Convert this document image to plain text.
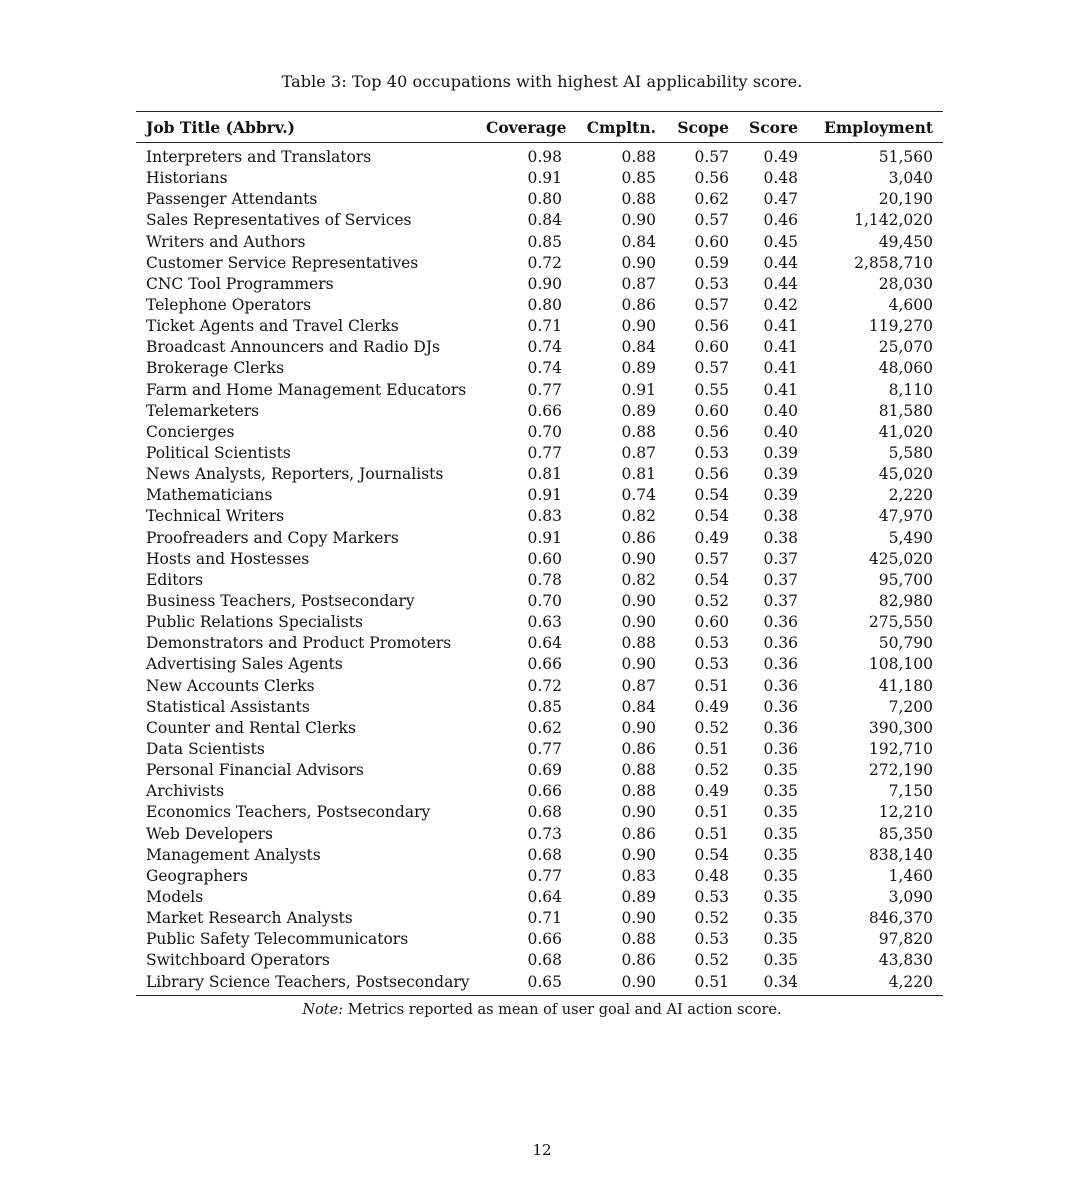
Table 3: Top 40 occupations with highest AI applicability score.
Job Title (Abbrv.)	Coverage	Cmpltn.	Scope	Score	Employment
Interpreters and Translators	0.98	0.88	0.57	0.49	51,560
Historians	0.91	0.85	0.56	0.48	3,040
Passenger Attendants	0.80	0.88	0.62	0.47	20,190
Sales Representatives of Services	0.84	0.90	0.57	0.46	1,142,020
Writers and Authors	0.85	0.84	0.60	0.45	49,450
Customer Service Representatives	0.72	0.90	0.59	0.44	2,858,710
CNC Tool Programmers	0.90	0.87	0.53	0.44	28,030
Telephone Operators	0.80	0.86	0.57	0.42	4,600
Ticket Agents and Travel Clerks	0.71	0.90	0.56	0.41	119,270
Broadcast Announcers and Radio DJs	0.74	0.84	0.60	0.41	25,070
Brokerage Clerks	0.74	0.89	0.57	0.41	48,060
Farm and Home Management Educators	0.77	0.91	0.55	0.41	8,110
Telemarketers	0.66	0.89	0.60	0.40	81,580
Concierges	0.70	0.88	0.56	0.40	41,020
Political Scientists	0.77	0.87	0.53	0.39	5,580
News Analysts, Reporters, Journalists	0.81	0.81	0.56	0.39	45,020
Mathematicians	0.91	0.74	0.54	0.39	2,220
Technical Writers	0.83	0.82	0.54	0.38	47,970
Proofreaders and Copy Markers	0.91	0.86	0.49	0.38	5,490
Hosts and Hostesses	0.60	0.90	0.57	0.37	425,020
Editors	0.78	0.82	0.54	0.37	95,700
Business Teachers, Postsecondary	0.70	0.90	0.52	0.37	82,980
Public Relations Specialists	0.63	0.90	0.60	0.36	275,550
Demonstrators and Product Promoters	0.64	0.88	0.53	0.36	50,790
Advertising Sales Agents	0.66	0.90	0.53	0.36	108,100
New Accounts Clerks	0.72	0.87	0.51	0.36	41,180
Statistical Assistants	0.85	0.84	0.49	0.36	7,200
Counter and Rental Clerks	0.62	0.90	0.52	0.36	390,300
Data Scientists	0.77	0.86	0.51	0.36	192,710
Personal Financial Advisors	0.69	0.88	0.52	0.35	272,190
Archivists	0.66	0.88	0.49	0.35	7,150
Economics Teachers, Postsecondary	0.68	0.90	0.51	0.35	12,210
Web Developers	0.73	0.86	0.51	0.35	85,350
Management Analysts	0.68	0.90	0.54	0.35	838,140
Geographers	0.77	0.83	0.48	0.35	1,460
Models	0.64	0.89	0.53	0.35	3,090
Market Research Analysts	0.71	0.90	0.52	0.35	846,370
Public Safety Telecommunicators	0.66	0.88	0.53	0.35	97,820
Switchboard Operators	0.68	0.86	0.52	0.35	43,830
Library Science Teachers, Postsecondary	0.65	0.90	0.51	0.34	4,220
Note: Metrics reported as mean of user goal and AI action score.
12
